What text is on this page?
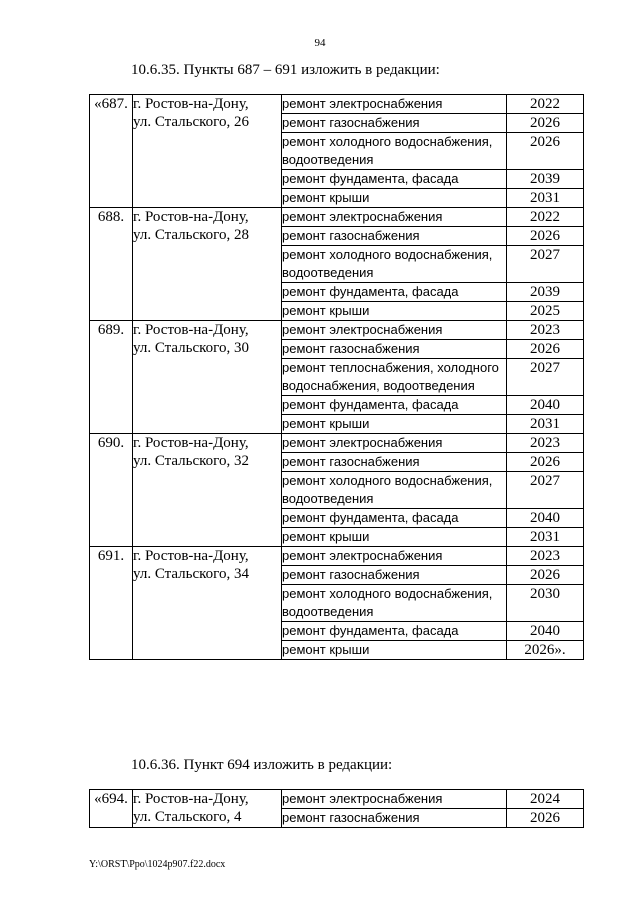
94
10.6.35. Пункты 687 – 691 изложить в редакции:
«687.	г. Ростов-на-Дону,
ул. Стальского, 26	ремонт электроснабжения	2022
		ремонт газоснабжения	2026
		ремонт холодного водоснабжения, водоотведения	2026
		ремонт фундамента, фасада	2039
		ремонт крыши	2031
688.	г. Ростов-на-Дону,
ул. Стальского, 28	ремонт электроснабжения	2022
		ремонт газоснабжения	2026
		ремонт холодного водоснабжения, водоотведения	2027
		ремонт фундамента, фасада	2039
		ремонт крыши	2025
689.	г. Ростов-на-Дону,
ул. Стальского, 30	ремонт электроснабжения	2023
		ремонт газоснабжения	2026
		ремонт теплоснабжения, холодного водоснабжения, водоотведения	2027
		ремонт фундамента, фасада	2040
		ремонт крыши	2031
690.	г. Ростов-на-Дону,
ул. Стальского, 32	ремонт электроснабжения	2023
		ремонт газоснабжения	2026
		ремонт холодного водоснабжения, водоотведения	2027
		ремонт фундамента, фасада	2040
		ремонт крыши	2031
691.	г. Ростов-на-Дону,
ул. Стальского, 34	ремонт электроснабжения	2023
		ремонт газоснабжения	2026
		ремонт холодного водоснабжения, водоотведения	2030
		ремонт фундамента, фасада	2040
		ремонт крыши	2026».
10.6.36. Пункт 694 изложить в редакции:
«694.	г. Ростов-на-Дону,
ул. Стальского, 4	ремонт электроснабжения	2024
		ремонт газоснабжения	2026
Y:\ORST\Ppo\1024p907.f22.docx
